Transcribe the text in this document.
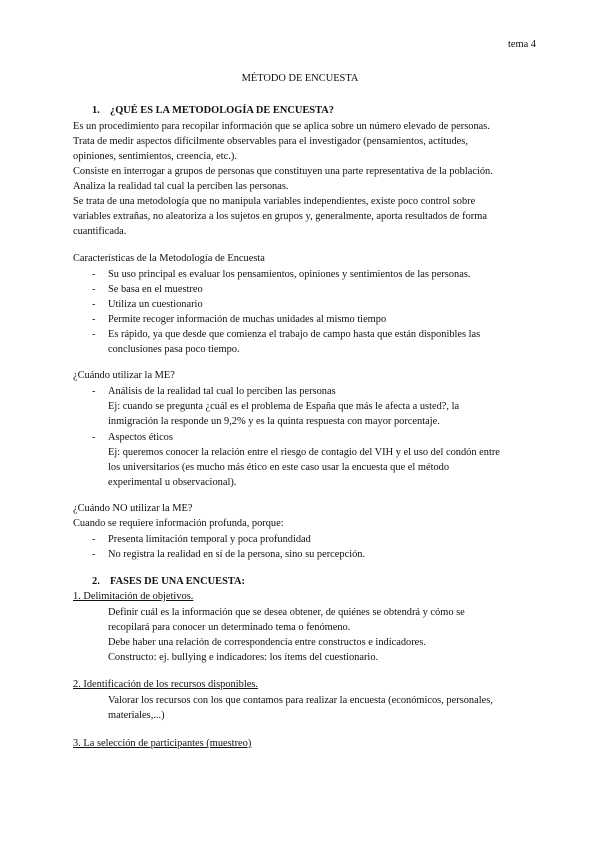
tema 4
MÉTODO DE ENCUESTA
1. ¿QUÉ ES LA METODOLOGÍA DE ENCUESTA?
Es un procedimiento para recopilar información que se aplica sobre un número elevado de personas.
Trata de medir aspectos difícilmente observables para el investigador (pensamientos, actitudes,
opiniones, sentimientos, creencia, etc.).
Consiste en interrogar a grupos de personas que constituyen una parte representativa de la población.
Analiza la realidad tal cual la perciben las personas.
Se trata de una metodología que no manipula variables independientes, existe poco control sobre
variables extrañas, no aleatoriza a los sujetos en grupos y, generalmente, aporta resultados de forma
cuantificada.
Características de la Metodología de Encuesta
- Su uso principal es evaluar los pensamientos, opiniones y sentimientos de las personas.
- Se basa en el muestreo
- Utiliza un cuestionario
- Permite recoger información de muchas unidades al mismo tiempo
- Es rápido, ya que desde que comienza el trabajo de campo hasta que están disponibles las
conclusiones pasa poco tiempo.
¿Cuándo utilizar la ME?
- Análisis de la realidad tal cual lo perciben las personas
Ej: cuando se pregunta ¿cuál es el problema de España que más le afecta a usted?, la
inmigración la responde un 9,2% y es la quinta respuesta con mayor porcentaje.
- Aspectos éticos
Ej: queremos conocer la relación entre el riesgo de contagio del VIH y el uso del condón entre
los universitarios (es mucho más ético en este caso usar la encuesta que el método
experimental u observacional).
¿Cuándo NO utilizar la ME?
Cuando se requiere información profunda, porque:
- Presenta limitación temporal y poca profundidad
- No registra la realidad en sí de la persona, sino su percepción.
2. FASES DE UNA ENCUESTA:
1. Delimitación de objetivos.
Definir cuál es la información que se desea obtener, de quiénes se obtendrá y cómo se
recopilará para conocer un determinado tema o fenómeno.
Debe haber una relación de correspondencia entre constructos e indicadores.
Constructo: ej. bullying e indicadores: los ítems del cuestionario.
2. Identificación de los recursos disponibles.
Valorar los recursos con los que contamos para realizar la encuesta (económicos, personales,
materiales,...)
3. La selección de participantes (muestreo)
